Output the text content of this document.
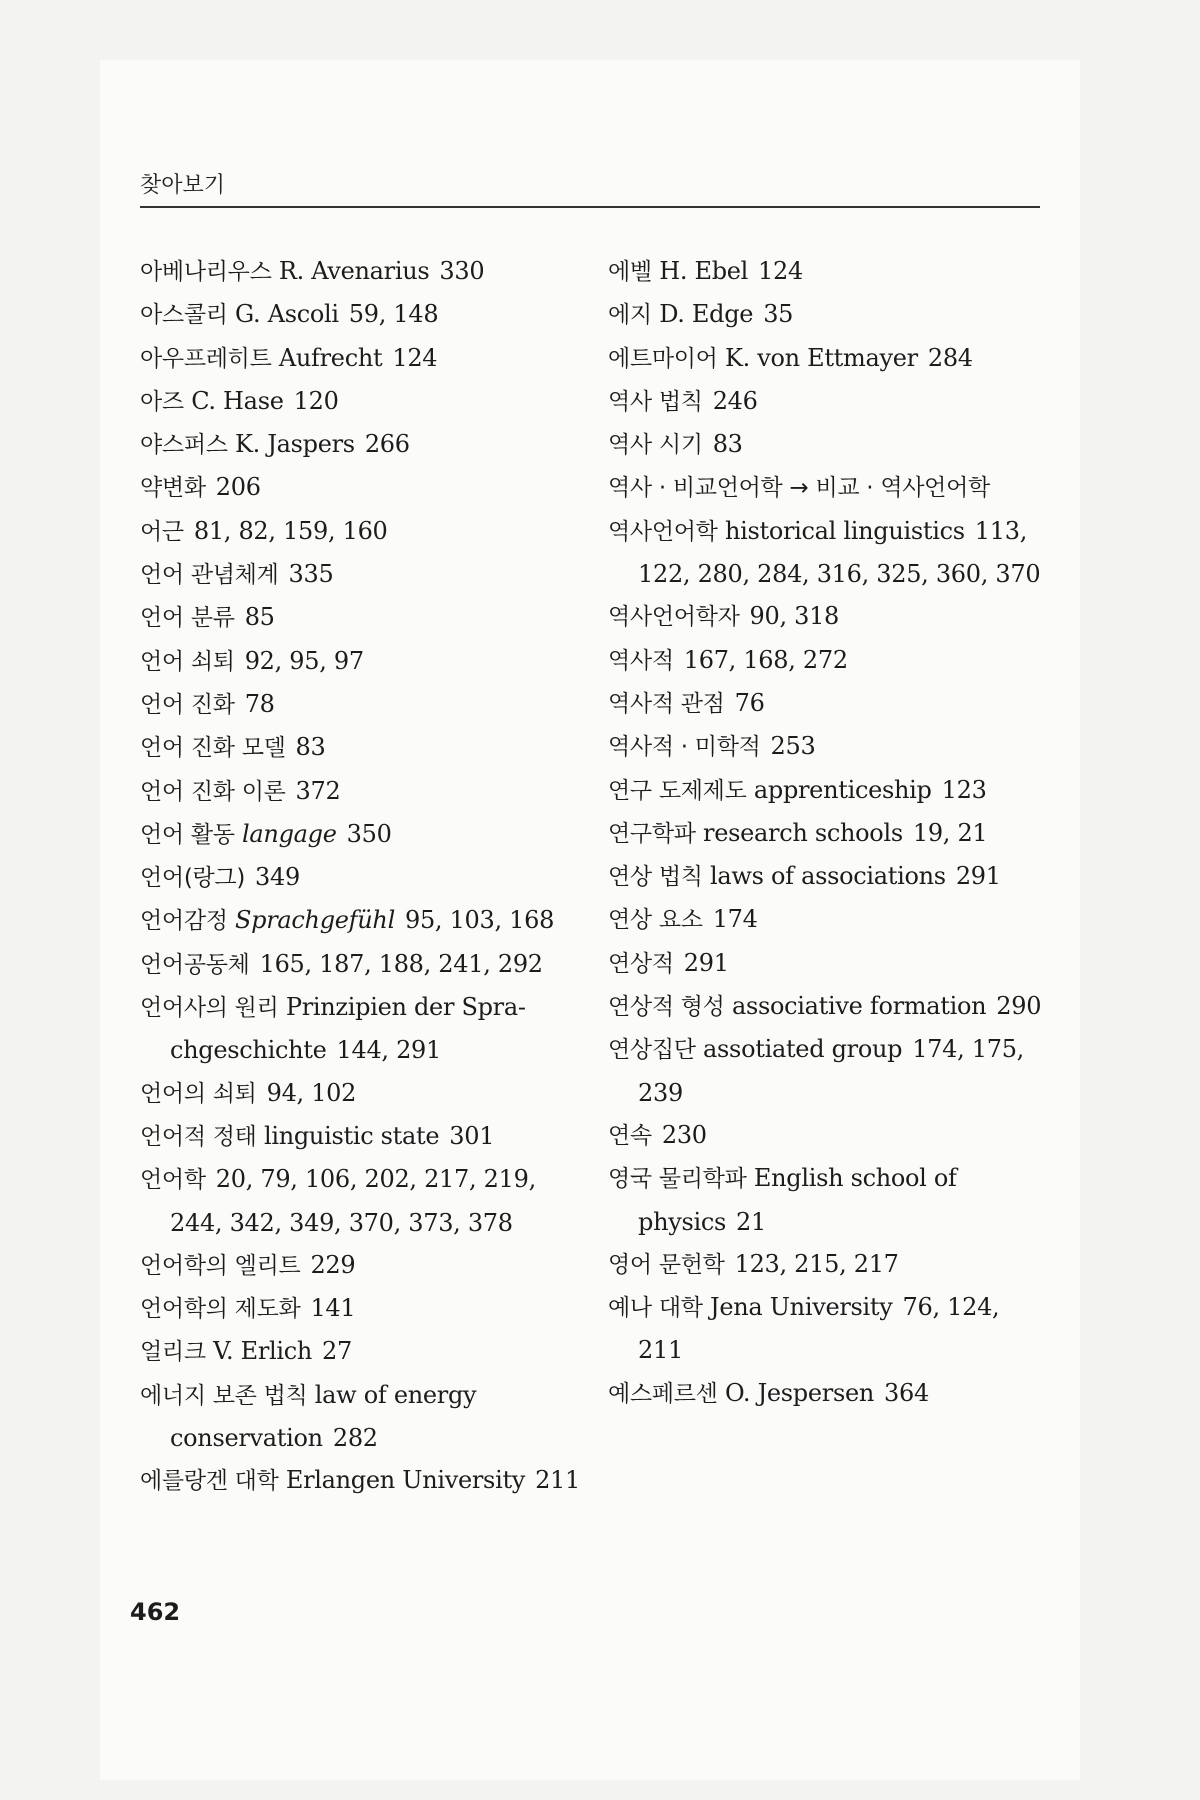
찾아보기
아베나리우스 R. Avenarius 330
아스콜리 G. Ascoli 59, 148
아우프레히트 Aufrecht 124
아즈 C. Hase 120
야스퍼스 K. Jaspers 266
약변화 206
어근 81, 82, 159, 160
언어 관념체계 335
언어 분류 85
언어 쇠퇴 92, 95, 97
언어 진화 78
언어 진화 모델 83
언어 진화 이론 372
언어 활동 langage 350
언어(랑그) 349
언어감정 Sprachgefühl 95, 103, 168
언어공동체 165, 187, 188, 241, 292
언어사의 원리 Prinzipien der Spra-chgeschichte 144, 291
언어의 쇠퇴 94, 102
언어적 정태 linguistic state 301
언어학 20, 79, 106, 202, 217, 219, 244, 342, 349, 370, 373, 378
언어학의 엘리트 229
언어학의 제도화 141
얼리크 V. Erlich 27
에너지 보존 법칙 law of energy conservation 282
에를랑겐 대학 Erlangen University 211
에벨 H. Ebel 124
에지 D. Edge 35
에트마이어 K. von Ettmayer 284
역사 법칙 246
역사 시기 83
역사 · 비교언어학 → 비교 · 역사언어학
역사언어학 historical linguistics 113, 122, 280, 284, 316, 325, 360, 370
역사언어학자 90, 318
역사적 167, 168, 272
역사적 관점 76
역사적 · 미학적 253
연구 도제제도 apprenticeship 123
연구학파 research schools 19, 21
연상 법칙 laws of associations 291
연상 요소 174
연상적 291
연상적 형성 associative formation 290
연상집단 assotiated group 174, 175, 239
연속 230
영국 물리학파 English school of physics 21
영어 문헌학 123, 215, 217
예나 대학 Jena University 76, 124, 211
예스페르센 O. Jespersen 364
462
